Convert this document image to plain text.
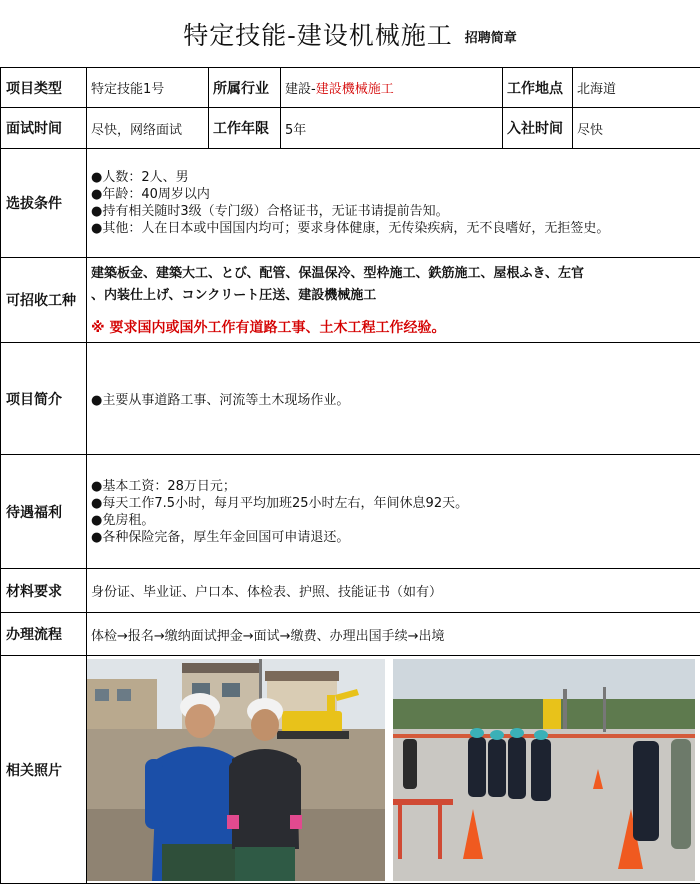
特定技能-建设机械施工 招聘简章
项目类型	特定技能1号	所属行业	建設-建設機械施工	工作地点	北海道
面试时间	尽快，网络面试	工作年限	5年	入社时间	尽快
选拔条件	●人数：2人、男
●年龄：40周岁以内
●持有相关随时3级（专门级）合格证书，无证书请提前告知。
●其他：人在日本或中国国内均可；要求身体健康，无传染疾病，无不良嗜好，无拒签史。				

可招收工种	建築板金、建築大工、とび、配管、保温保冷、型枠施工、鉄筋施工、屋根ふき、左官
、内装仕上げ、コンクリート圧送、建設機械施工
※ 要求国内或国外工作有道路工事、土木工程工作经验。				

项目简介	●主要从事道路工事、河流等土木现场作业。				
待遇福利	●基本工资：28万日元；
●每天工作7.5小时，每月平均加班25小时左右，年间休息92天。
●免房租。
●各种保险完备，厚生年金回国可申请退还。				

材料要求	身份证、毕业证、户口本、体检表、护照、技能证书（如有）				
办理流程	体检→报名→缴纳面试押金→面试→缴费、办理出国手续→出境				
相关照片	
